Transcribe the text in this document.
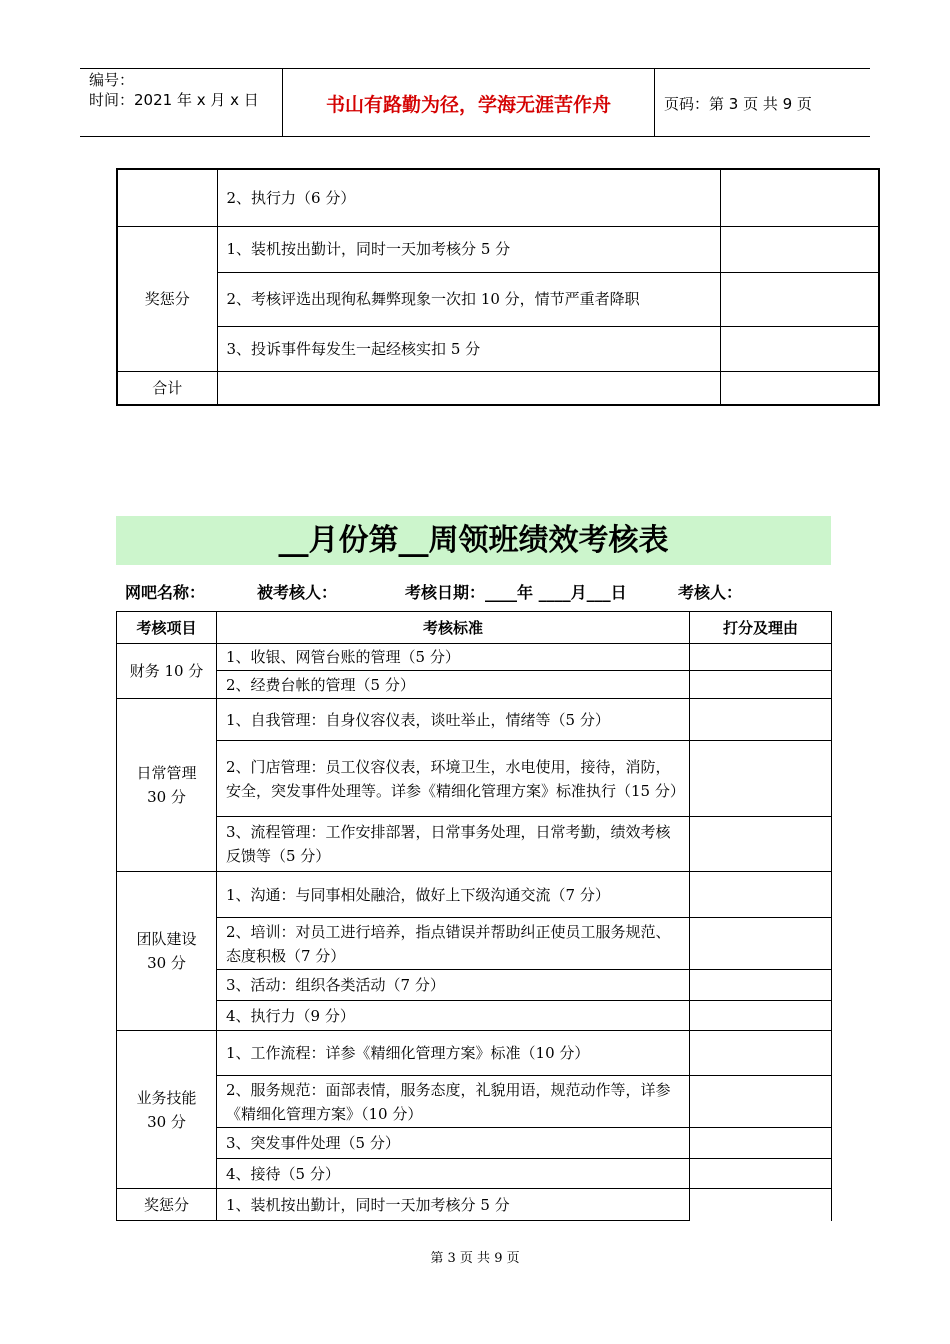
编号：
时间：2021 年 x 月 x 日	书山有路勤为径，学海无涯苦作舟	页码：第 3 页 共 9 页
	2、执行力（6 分）	
奖惩分	1、装机按出勤计，同时一天加考核分 5 分	
	2、考核评选出现徇私舞弊现象一次扣 10 分，情节严重者降职	
	3、投诉事件每发生一起经核实扣 5 分	
合计		
__月份第__周领班绩效考核表
网吧名称：	被考核人：	考核日期：____年 ____月___日	考核人：
考核项目	考核标准	打分及理由
财务 10 分	1、收银、网管台账的管理（5 分）	
	2、经费台帐的管理（5 分）	

日常管理
30 分	1、自我管理：自身仪容仪表，谈吐举止，情绪等（5 分）	
	2、门店管理：员工仪容仪表，环境卫生，水电使用，接待，消防，安全，突发事件处理等。详参《精细化管理方案》标准执行（15 分）	
	3、流程管理：工作安排部署，日常事务处理，日常考勤，绩效考核反馈等（5 分）	

团队建设
30 分	1、沟通：与同事相处融洽，做好上下级沟通交流（7 分）	
	2、培训：对员工进行培养，指点错误并帮助纠正使员工服务规范、态度积极（7 分）	
	3、活动：组织各类活动（7 分）	
	4、执行力（9 分）	

业务技能
30 分	1、工作流程：详参《精细化管理方案》标准（10 分）	
	2、服务规范：面部表情，服务态度，礼貌用语，规范动作等，详参《精细化管理方案》（10 分）	
	3、突发事件处理（5 分）	
	4、接待（5 分）	
奖惩分	1、装机按出勤计，同时一天加考核分 5 分	
第 3 页 共 9 页
